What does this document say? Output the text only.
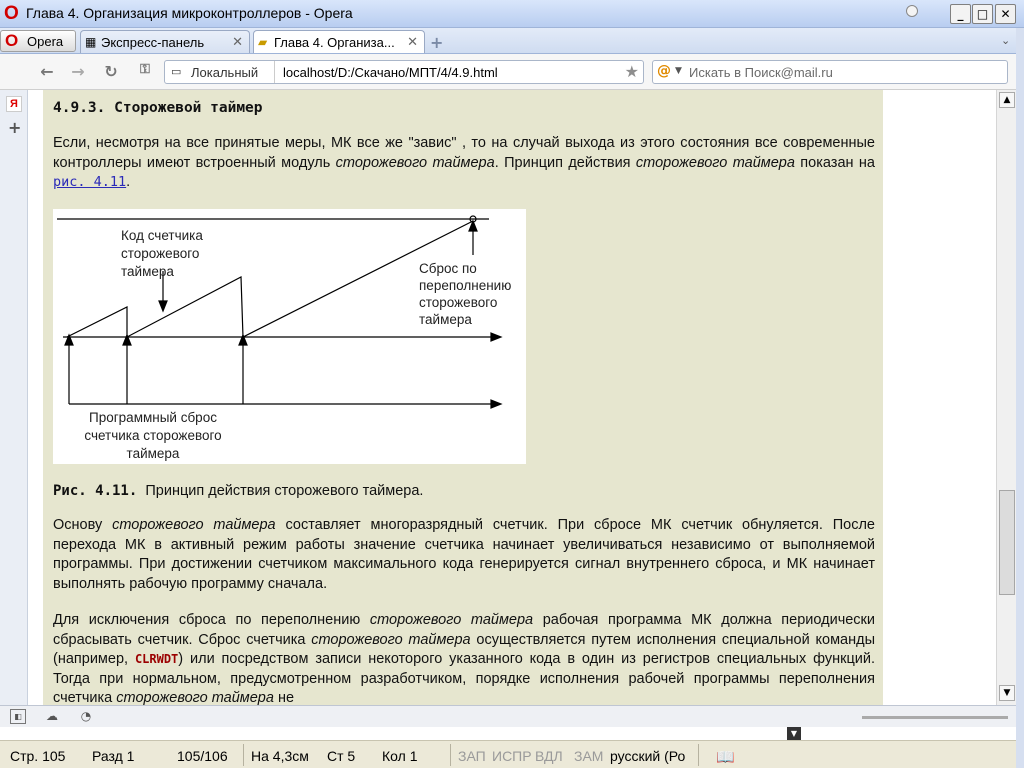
O Глава 4. Организация микроконтроллеров - Opera	_	□	✕
O Opera ▦ Экспресс-панель	✕ ▰ Глава 4. Организа... ✕ +	⌄
← → ↻	⚿	▭ Локальный localhost/D:/Скачано/МПТ/4/4.9.html	★ @ ▼ Искать в Поиск@mail.ru
Я
+
4.9.3. Сторожевой таймер
Если, несмотря на все принятые меры, МК все же "завис" , то на случай выхода из этого состояния все современные контроллеры имеют встроенный модуль сторожевого таймера. Принцип действия сторожевого таймера показан на рис. 4.11.
Код счетчика
сторожевого
таймера	Сброс по
переполнению
сторожевого
таймера
Программный сброс
счетчика сторожевого
таймера
Рис. 4.11. Принцип действия сторожевого таймера.
Основу сторожевого таймера составляет многоразрядный счетчик. При сбросе МК счетчик обнуляется. После перехода МК в активный режим работы значение счетчика начинает увеличиваться независимо от выполняемой программы. При достижении счетчиком максимального кода генерируется сигнал внутреннего сброса, и МК начинает выполнять рабочую программу сначала.
Для исключения сброса по переполнению сторожевого таймера рабочая программа МК должна периодически сбрасывать счетчик. Сброс счетчика сторожевого таймера осуществляется путем исполнения специальной команды (например, CLRWDT) или посредством записи некоторого указанного кода в один из регистров специальных функций. Тогда при нормальном, предусмотренном разработчиком, порядке исполнения рабочей программы переполнения счетчика сторожевого таймера не
▲
▼
◧	☁ ◔
▼
Стр. 105 Разд 1	105/106 На 4,3см Ст 5 Кол 1	ЗАП ИСПР ВДЛ ЗАМ русский (Ро 📖
